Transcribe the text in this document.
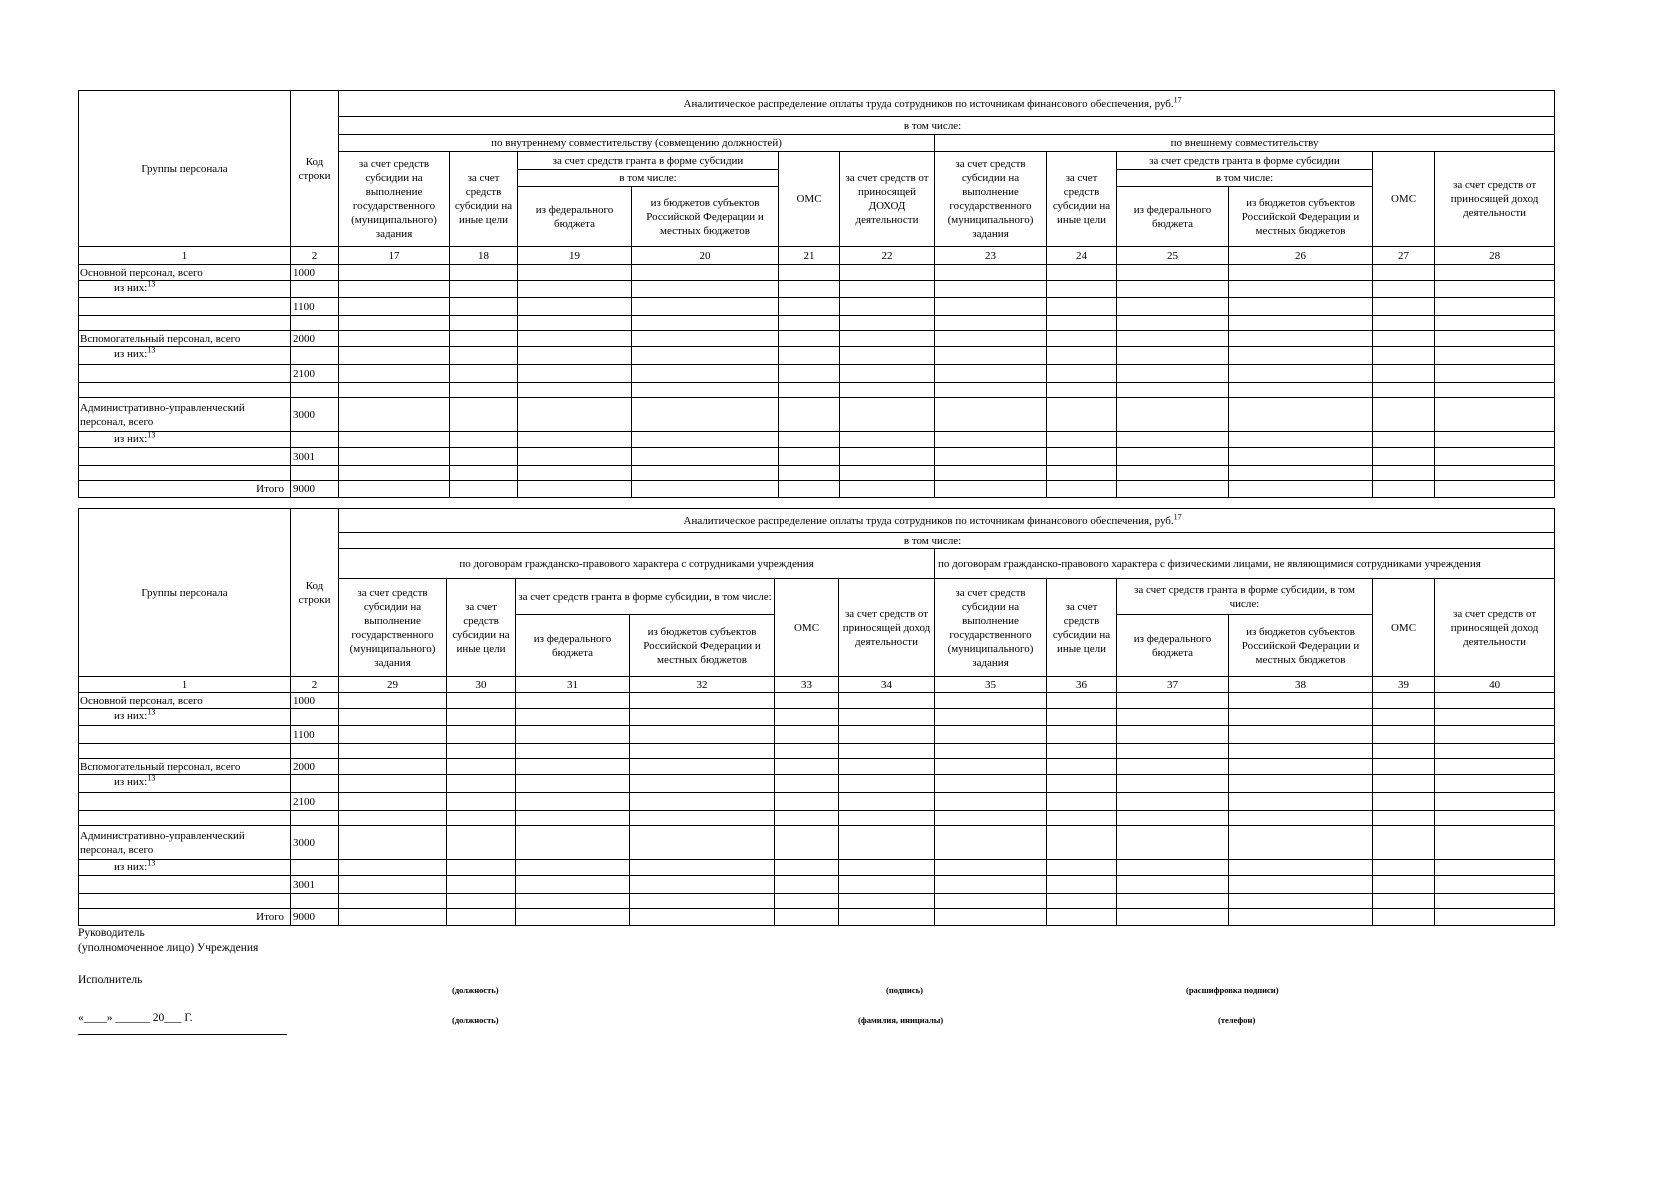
Группы персонала	Код строки	Аналитическое распределение оплаты труда сотрудников по источникам финансового обеспечения, руб.$^{17}$
		в том числе:											
		по внутреннему совместительству (совмещению должностей)						по внешнему совместительству					
		за счет средств субсидии на выполнение государственного (муниципального) задания	за счет средств субсидии на иные цели	за счет средств гранта в форме субсидии		ОМС	за счет средств от приносящей ДОХОД деятельности	за счет средств субсидии на выполнение государственного (муниципального) задания	за счет средств субсидии на иные цели	за счет средств гранта в форме субсидии		ОМС	за счет средств от приносящей доход деятельности
				в том числе:						в том числе:			
				из федерального бюджета	из бюджетов субъектов Российской Федерации и местных бюджетов					из федерального бюджета	из бюджетов субъектов Российской Федерации и местных бюджетов		
1	2	17	18	19	20	21	22	23	24	25	26	27	28
Основной персонал, всего	1000												
из них:$^{13}$													
	1100												

Вспомогательный персонал, всего	2000												
из них:$^{13}$													
	2100												

Административно-управленческий персонал, всего	3000												
из них:$^{13}$													
	3001												

Итого	9000												
Группы персонала	Код строки	Аналитическое распределение оплаты труда сотрудников по источникам финансового обеспечения, руб.$^{17}$
		в том числе:											
		по договорам гражданско-правового характера с сотрудниками учреждения						по договорам гражданско-правового характера с физическими лицами, не являющимися сотрудниками учреждения					
		за счет средств субсидии на выполнение государственного (муниципального) задания	за счет средств субсидии на иные цели	за счет средств гранта в форме субсидии, в том числе:		ОМС	за счет средств от приносящей доход деятельности	за счет средств субсидии на выполнение государственного (муниципального) задания	за счет средств субсидии на иные цели	за счет средств гранта в форме субсидии, в том числе:		ОМС	за счет средств от приносящей доход деятельности
				из федерального бюджета	из бюджетов субъектов Российской Федерации и местных бюджетов					из федерального бюджета	из бюджетов субъектов Российской Федерации и местных бюджетов		
1	2	29	30	31	32	33	34	35	36	37	38	39	40
Основной персонал, всего	1000												
из них:$^{13}$													
	1100												

Вспомогательный персонал, всего	2000												
из них:$^{13}$													
	2100												

Административно-управленческий персонал, всего	3000												
из них:$^{13}$													
	3001												

Итого	9000												
Руководитель
(уполномоченное лицо) Учреждения
Исполнитель
(должность)	(подпись)	(расшифровка подписи)
(должность)	(фамилия, инициалы)	(телефон)
«____» ______ 20___ Г.
